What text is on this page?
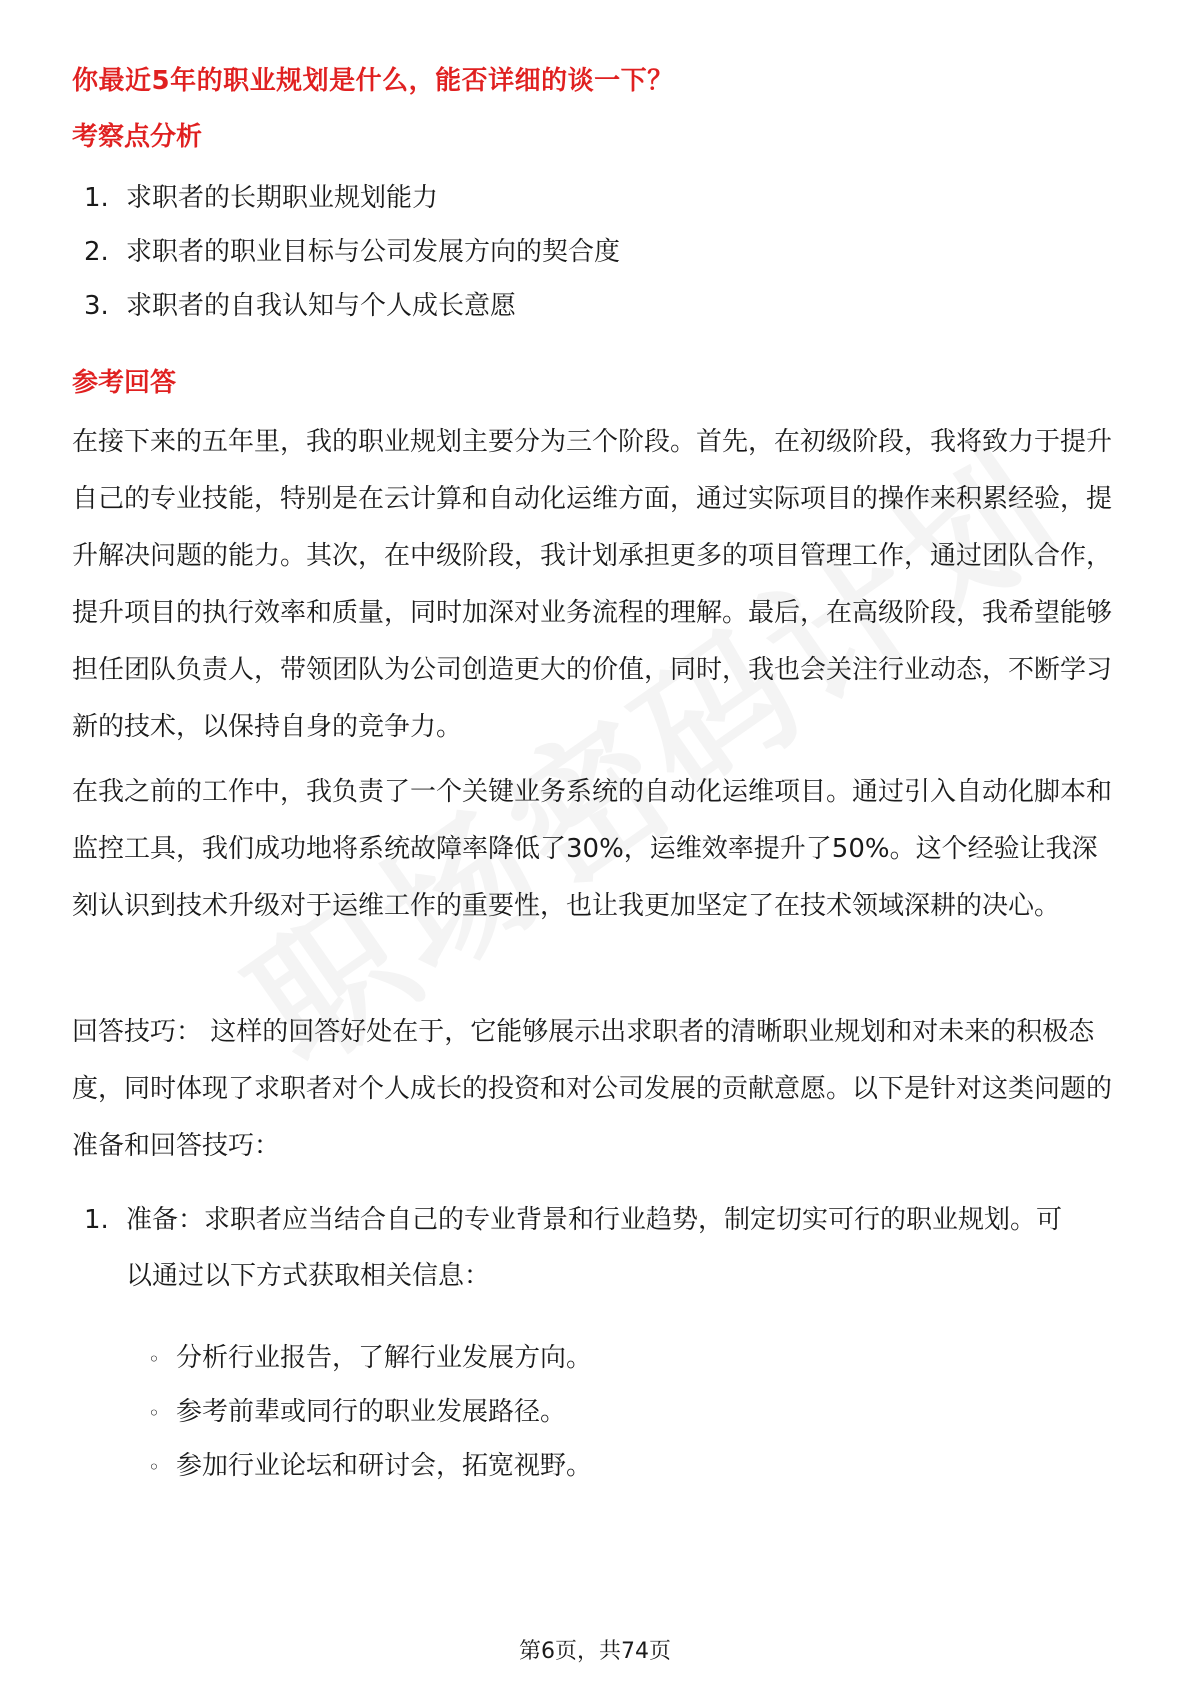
你最近5年的职业规划是什么，能否详细的谈一下？
考察点分析
1. 求职者的长期职业规划能力
2. 求职者的职业目标与公司发展方向的契合度
3. 求职者的自我认知与个人成长意愿
参考回答
在接下来的五年里，我的职业规划主要分为三个阶段。首先，在初级阶段，我将致力于提升自己的专业技能，特别是在云计算和自动化运维方面，通过实际项目的操作来积累经验，提升解决问题的能力。其次，在中级阶段，我计划承担更多的项目管理工作，通过团队合作，提升项目的执行效率和质量，同时加深对业务流程的理解。最后，在高级阶段，我希望能够担任团队负责人，带领团队为公司创造更大的价值，同时，我也会关注行业动态，不断学习新的技术，以保持自身的竞争力。
在我之前的工作中，我负责了一个关键业务系统的自动化运维项目。通过引入自动化脚本和监控工具，我们成功地将系统故障率降低了30%，运维效率提升了50%。这个经验让我深刻认识到技术升级对于运维工作的重要性，也让我更加坚定了在技术领域深耕的决心。
回答技巧： 这样的回答好处在于，它能够展示出求职者的清晰职业规划和对未来的积极态度，同时体现了求职者对个人成长的投资和对公司发展的贡献意愿。以下是针对这类问题的准备和回答技巧：
1. 准备：求职者应当结合自己的专业背景和行业趋势，制定切实可行的职业规划。可以通过以下方式获取相关信息：
◦ 分析行业报告，了解行业发展方向。
◦ 参考前辈或同行的职业发展路径。
◦ 参加行业论坛和研讨会，拓宽视野。
第6页，共74页
